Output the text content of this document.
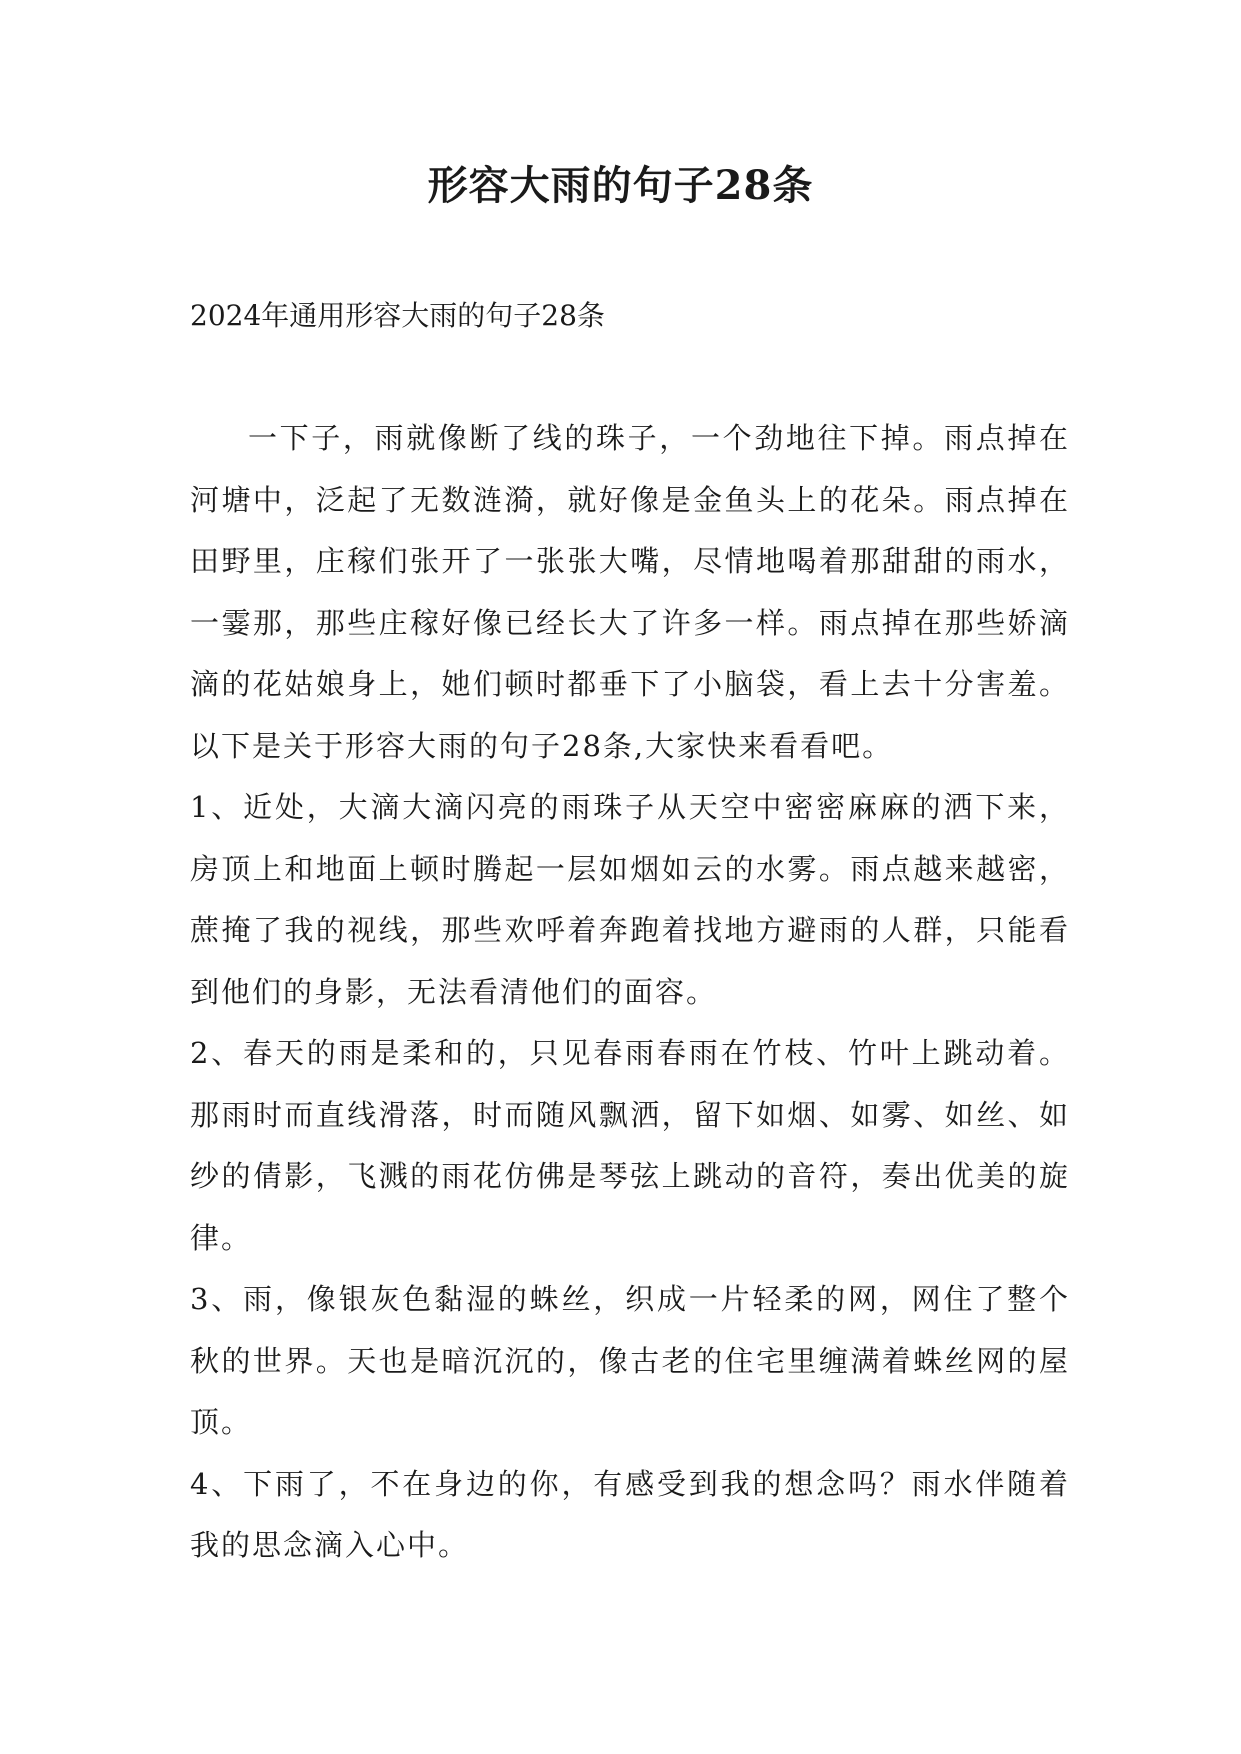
形容大雨的句子28条
2024年通用形容大雨的句子28条

一下子，雨就像断了线的珠子，一个劲地往下掉。雨点掉在河塘中，泛起了无数涟漪，就好像是金鱼头上的花朵。雨点掉在田野里，庄稼们张开了一张张大嘴，尽情地喝着那甜甜的雨水，一霎那，那些庄稼好像已经长大了许多一样。雨点掉在那些娇滴滴的花姑娘身上，她们顿时都垂下了小脑袋，看上去十分害羞。以下是关于形容大雨的句子28条,大家快来看看吧。

1、近处，大滴大滴闪亮的雨珠子从天空中密密麻麻的洒下来，房顶上和地面上顿时腾起一层如烟如云的水雾。雨点越来越密，蔗掩了我的视线，那些欢呼着奔跑着找地方避雨的人群，只能看到他们的身影，无法看清他们的面容。

2、春天的雨是柔和的，只见春雨春雨在竹枝、竹叶上跳动着。那雨时而直线滑落，时而随风飘洒，留下如烟、如雾、如丝、如纱的倩影，飞溅的雨花仿佛是琴弦上跳动的音符，奏出优美的旋律。

3、雨，像银灰色黏湿的蛛丝，织成一片轻柔的网，网住了整个秋的世界。天也是暗沉沉的，像古老的住宅里缠满着蛛丝网的屋顶。

4、下雨了，不在身边的你，有感受到我的想念吗？雨水伴随着我的思念滴入心中。
